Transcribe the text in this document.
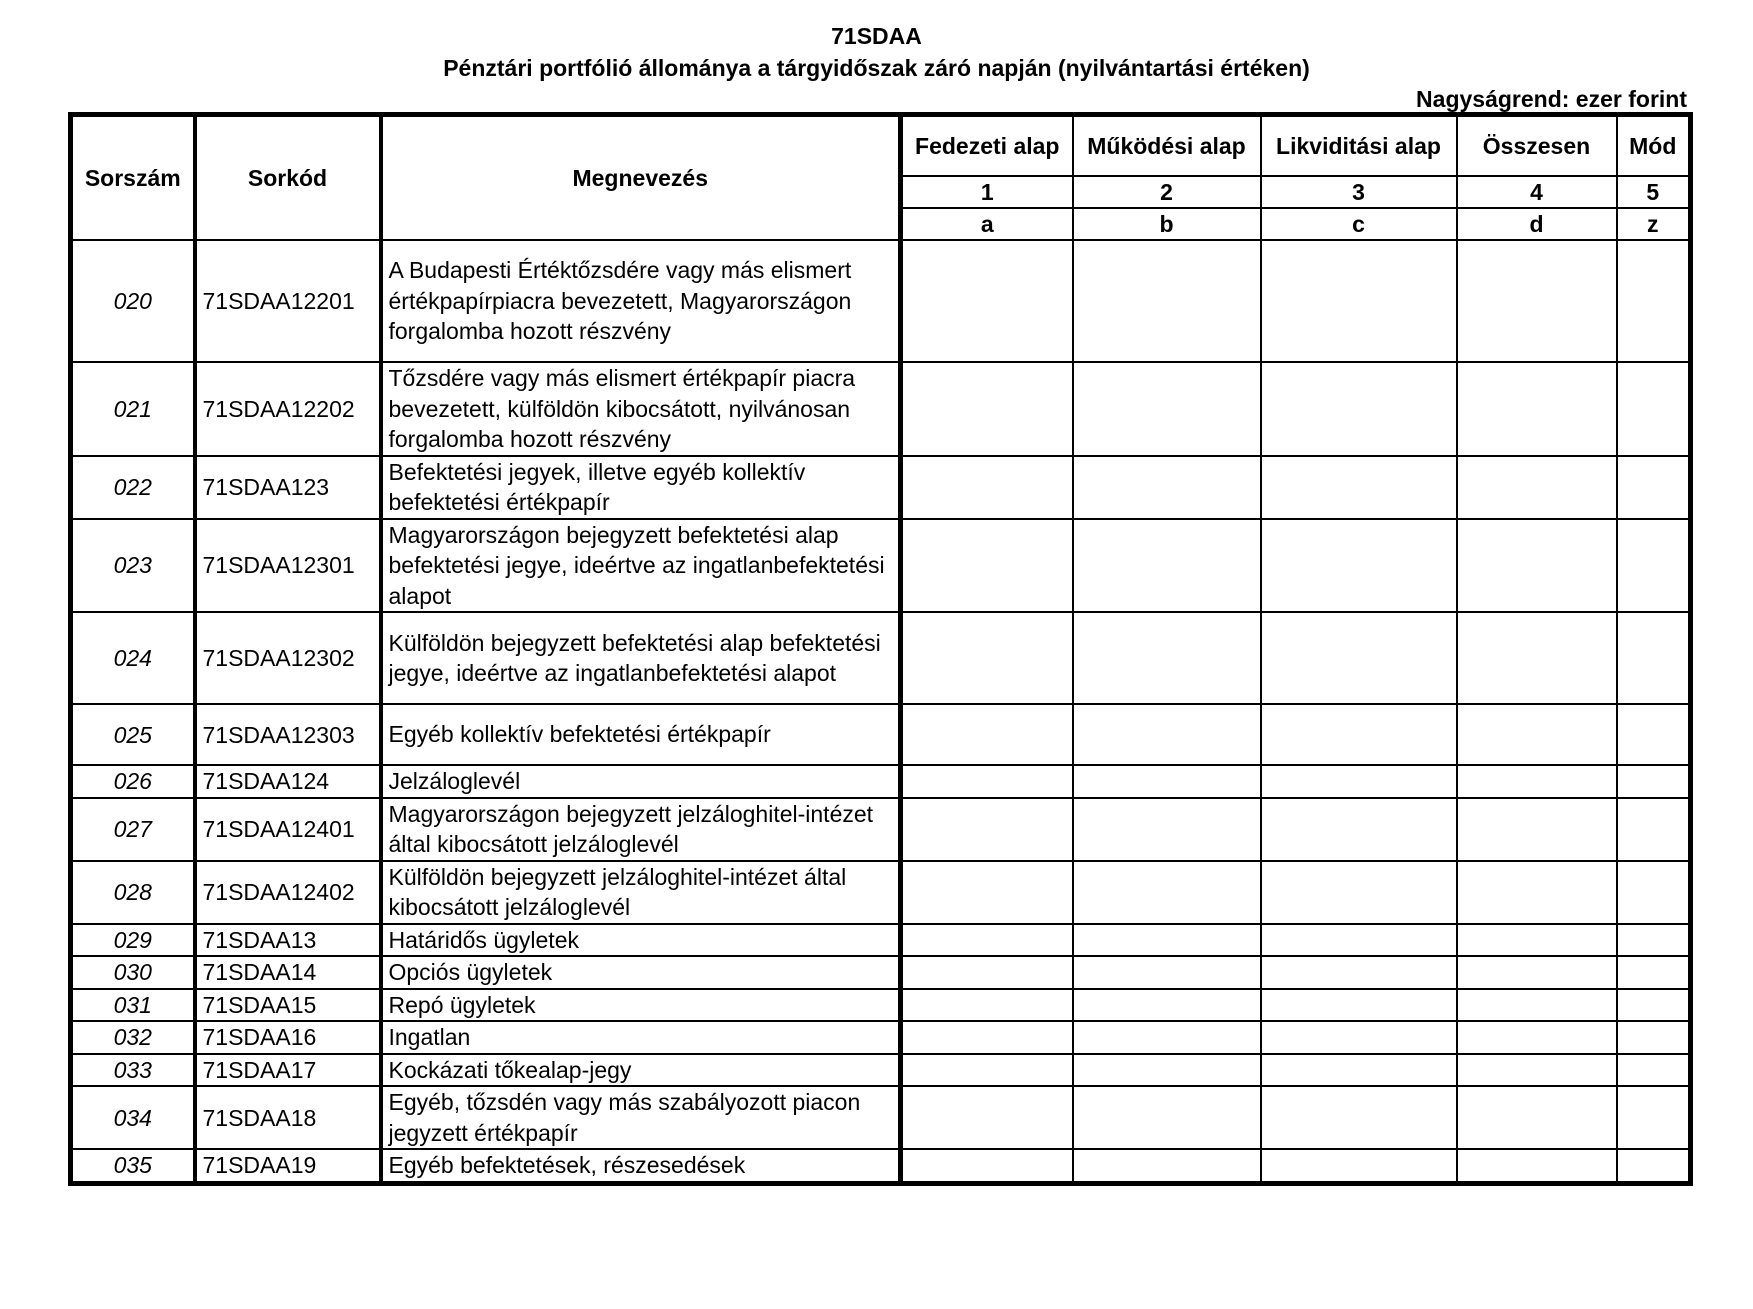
71SDAA
Pénztári portfólió állománya a tárgyidőszak záró napján (nyilvántartási értéken)
Nagyságrend: ezer forint
Sorszám	Sorkód	Megnevezés	Fedezeti alap	Működési alap	Likviditási alap	Összesen	Mód
			1	2	3	4	5
			a	b	c	d	z
020	71SDAA12201	A Budapesti Értéktőzsdére vagy más elismert értékpapírpiacra bevezetett, Magyarországon forgalomba hozott részvény					
021	71SDAA12202	Tőzsdére vagy más elismert értékpapír piacra bevezetett, külföldön kibocsátott, nyilvánosan forgalomba hozott részvény					
022	71SDAA123	Befektetési jegyek, illetve egyéb kollektív befektetési értékpapír					
023	71SDAA12301	Magyarországon bejegyzett befektetési alap befektetési jegye, ideértve az ingatlanbefektetési alapot					
024	71SDAA12302	Külföldön bejegyzett befektetési alap befektetési jegye, ideértve az ingatlanbefektetési alapot					
025	71SDAA12303	Egyéb kollektív befektetési értékpapír					
026	71SDAA124	Jelzáloglevél					
027	71SDAA12401	Magyarországon bejegyzett jelzáloghitel-intézet által kibocsátott jelzáloglevél					
028	71SDAA12402	Külföldön bejegyzett jelzáloghitel-intézet által kibocsátott jelzáloglevél					
029	71SDAA13	Határidős ügyletek					
030	71SDAA14	Opciós ügyletek					
031	71SDAA15	Repó ügyletek					
032	71SDAA16	Ingatlan					
033	71SDAA17	Kockázati tőkealap-jegy					
034	71SDAA18	Egyéb, tőzsdén vagy más szabályozott piacon jegyzett értékpapír					
035	71SDAA19	Egyéb befektetések, részesedések					
